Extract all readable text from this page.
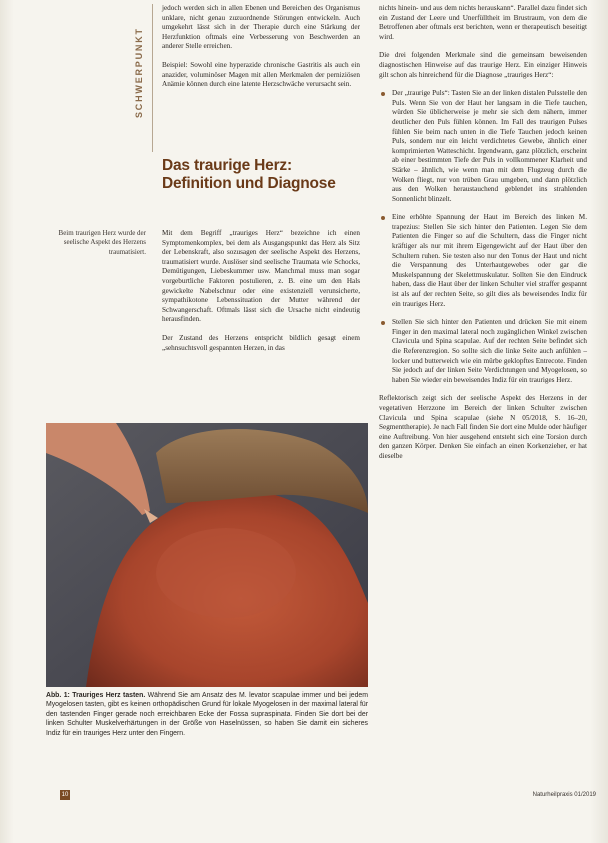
SCHWERPUNKT

jedoch werden sich in allen Ebenen und Bereichen des Organismus unklare, nicht genau zuzuordnende Störungen entwickeln. Auch umgekehrt lässt sich in der Therapie durch eine Stärkung der Herzfunktion oftmals eine Verbesserung von Beschwerden an anderer Stelle erreichen.

Beispiel: Sowohl eine hyperazide chronische Gastritis als auch ein anazider, voluminöser Magen mit allen Merkmalen der perniziösen Anämie können durch eine latente Herzschwäche verursacht sein.

Das traurige Herz: Definition und Diagnose
Beim traurigen Herz wurde der seelische Aspekt des Herzens traumatisiert.

Mit dem Begriff „trauriges Herz“ bezeichne ich einen Symptomenkomplex, bei dem als Ausgangspunkt das Herz als Sitz der Lebenskraft, also sozusagen der seelische Aspekt des Herzens, traumatisiert wurde. Auslöser sind seelische Traumata wie Schocks, Demütigungen, Liebeskummer usw. Manchmal muss man sogar vorgeburtliche Faktoren postulieren, z. B. eine um den Hals gewickelte Nabelschnur oder eine existenziell verunsicherte, sympathikotone Lebenssituation der Mutter während der Schwangerschaft. Oftmals lässt sich die Ursache nicht eindeutig herausfinden.

Der Zustand des Herzens entspricht bildlich gesagt einem „sehnsuchtsvoll gespannten Herzen, in das

Abb. 1: Trauriges Herz tasten. Während Sie am Ansatz des M. levator scapulae immer und bei jedem Myogelosen tasten, gibt es keinen orthopädischen Grund für lokale Myogelosen in der maximal lateral für den tastenden Finger gerade noch erreichbaren Ecke der Fossa supraspinata. Finden Sie dort bei der linken Schulter Muskelverhärtungen in der Größe von Haselnüssen, so haben Sie damit ein sicheres Indiz für ein trauriges Herz unter den Fingern.

nichts hinein- und aus dem nichts herauskann“. Parallel dazu findet sich ein Zustand der Leere und Unerfülltheit im Brustraum, von dem die Betroffenen aber oftmals erst berichten, wenn er therapeutisch beseitigt wird.

Die drei folgenden Merkmale sind die gemeinsam beweisenden diagnostischen Hinweise auf das traurige Herz. Ein einziger Hinweis gilt schon als hinreichend für die Diagnose „trauriges Herz“:

Der „traurige Puls“: Tasten Sie an der linken distalen Pulsstelle den Puls. Wenn Sie von der Haut her langsam in die Tiefe tauchen, würden Sie üblicherweise je mehr sie sich dem nähern, immer deutlicher den Puls fühlen können. Im Fall des traurigen Pulses fühlen Sie beim nach unten in die Tiefe Tauchen jedoch keinen Puls, sondern nur ein leicht verdichtetes Gewebe, ähnlich einer komprimierten Watteschicht. Irgendwann, ganz plötzlich, erscheint ab einer bestimmten Tiefe der Puls in vollkommener Klarheit und Stärke – ähnlich, wie wenn man mit dem Flugzeug durch die Wolken fliegt, nur von trüben Grau umgeben, und dann plötzlich aus den Wolken heraustauchend geblendet ins strahlenden Sonnenlicht blinzelt.
Eine erhöhte Spannung der Haut im Bereich des linken M. trapezius: Stellen Sie sich hinter den Patienten. Legen Sie dem Patienten die Finger so auf die Schultern, dass die Finger nicht kräftiger als nur mit ihrem Eigengewicht auf der Haut über den Schultern ruhen. Sie testen also nur den Tonus der Haut und nicht die Verspannung des Unterhautgewebes oder gar die Muskelspannung der Skelettmuskulatur. Sollten Sie den Eindruck haben, dass die Haut über der linken Schulter viel straffer gespannt ist als auf der rechten Seite, so gilt dies als beweisendes Indiz für ein trauriges Herz.
Stellen Sie sich hinter den Patienten und drücken Sie mit einem Finger in den maximal lateral noch zugänglichen Winkel zwischen Clavicula und Spina scapulae. Auf der rechten Seite befindet sich die Referenzregion. So sollte sich die linke Seite auch anfühlen – locker und butterweich wie ein mürbe geklopftes Entrecote. Finden Sie jedoch auf der linken Seite Verdichtungen und Myogelosen, so haben Sie wieder ein beweisendes Indiz für ein trauriges Herz.

Reflektorisch zeigt sich der seelische Aspekt des Herzens in der vegetativen Herzzone im Bereich der linken Schulter zwischen Clavicula und Spina scapulae (siehe N 05/2018, S. 16–20, Segmenttherapie). Je nach Fall finden Sie dort eine Mulde oder häufiger eine Auftreibung. Von hier ausgehend entsteht sich eine Torsion durch den ganzen Körper. Denken Sie einfach an einen Korkenzieher, er hat dieselbe

10	Naturheilpraxis 01/2019
